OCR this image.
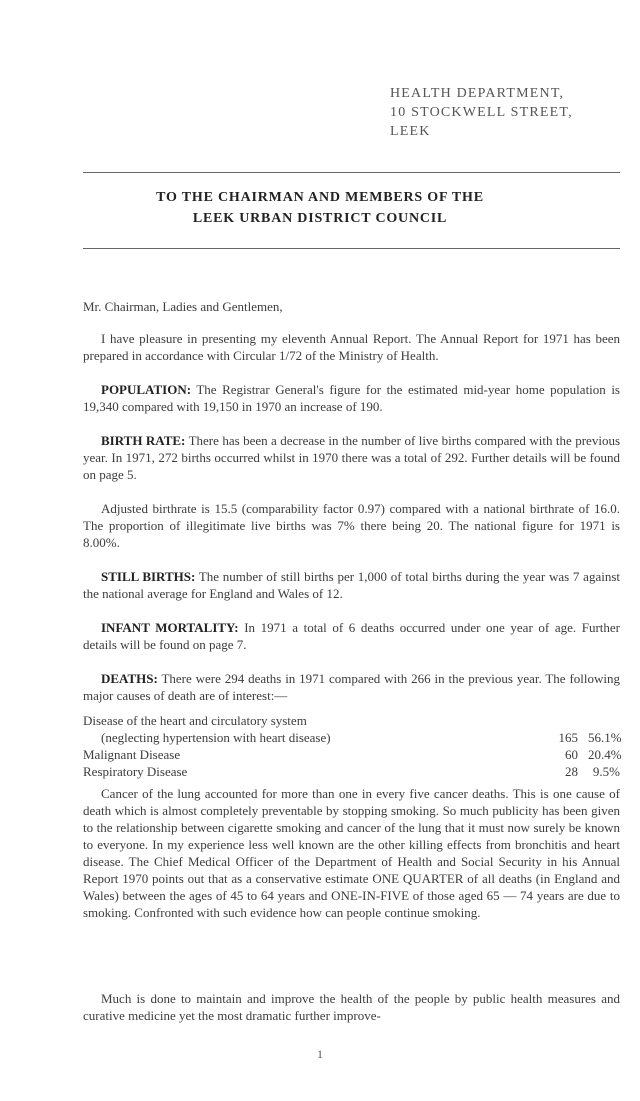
HEALTH DEPARTMENT,
10 STOCKWELL STREET,
LEEK
TO THE CHAIRMAN AND MEMBERS OF THE
LEEK URBAN DISTRICT COUNCIL
Mr. Chairman, Ladies and Gentlemen,
I have pleasure in presenting my eleventh Annual Report. The Annual Report for 1971 has been prepared in accordance with Circular 1/72 of the Ministry of Health.
POPULATION: The Registrar General's figure for the estimated mid-year home population is 19,340 compared with 19,150 in 1970 an increase of 190.
BIRTH RATE: There has been a decrease in the number of live births compared with the previous year. In 1971, 272 births occurred whilst in 1970 there was a total of 292. Further details will be found on page 5.
Adjusted birthrate is 15.5 (comparability factor 0.97) compared with a national birthrate of 16.0. The proportion of illegitimate live births was 7% there being 20. The national figure for 1971 is 8.00%.
STILL BIRTHS: The number of still births per 1,000 of total births during the year was 7 against the national average for England and Wales of 12.
INFANT MORTALITY: In 1971 a total of 6 deaths occurred under one year of age. Further details will be found on page 7.
DEATHS: There were 294 deaths in 1971 compared with 266 in the previous year. The following major causes of death are of interest:—
Disease of the heart and circulatory system
(neglecting hypertension with heart disease)	165 56.1%
Malignant Disease	60 20.4%
Respiratory Disease	28	9.5%
Cancer of the lung accounted for more than one in every five cancer deaths. This is one cause of death which is almost completely preventable by stopping smoking. So much publicity has been given to the relationship between cigarette smoking and cancer of the lung that it must now surely be known to everyone. In my experience less well known are the other killing effects from bronchitis and heart disease. The Chief Medical Officer of the Department of Health and Social Security in his Annual Report 1970 points out that as a conservative estimate ONE QUARTER of all deaths (in England and Wales) between the ages of 45 to 64 years and ONE-IN-FIVE of those aged 65 — 74 years are due to smoking. Confronted with such evidence how can people continue smoking.
Much is done to maintain and improve the health of the people by public health measures and curative medicine yet the most dramatic further improve-
1
